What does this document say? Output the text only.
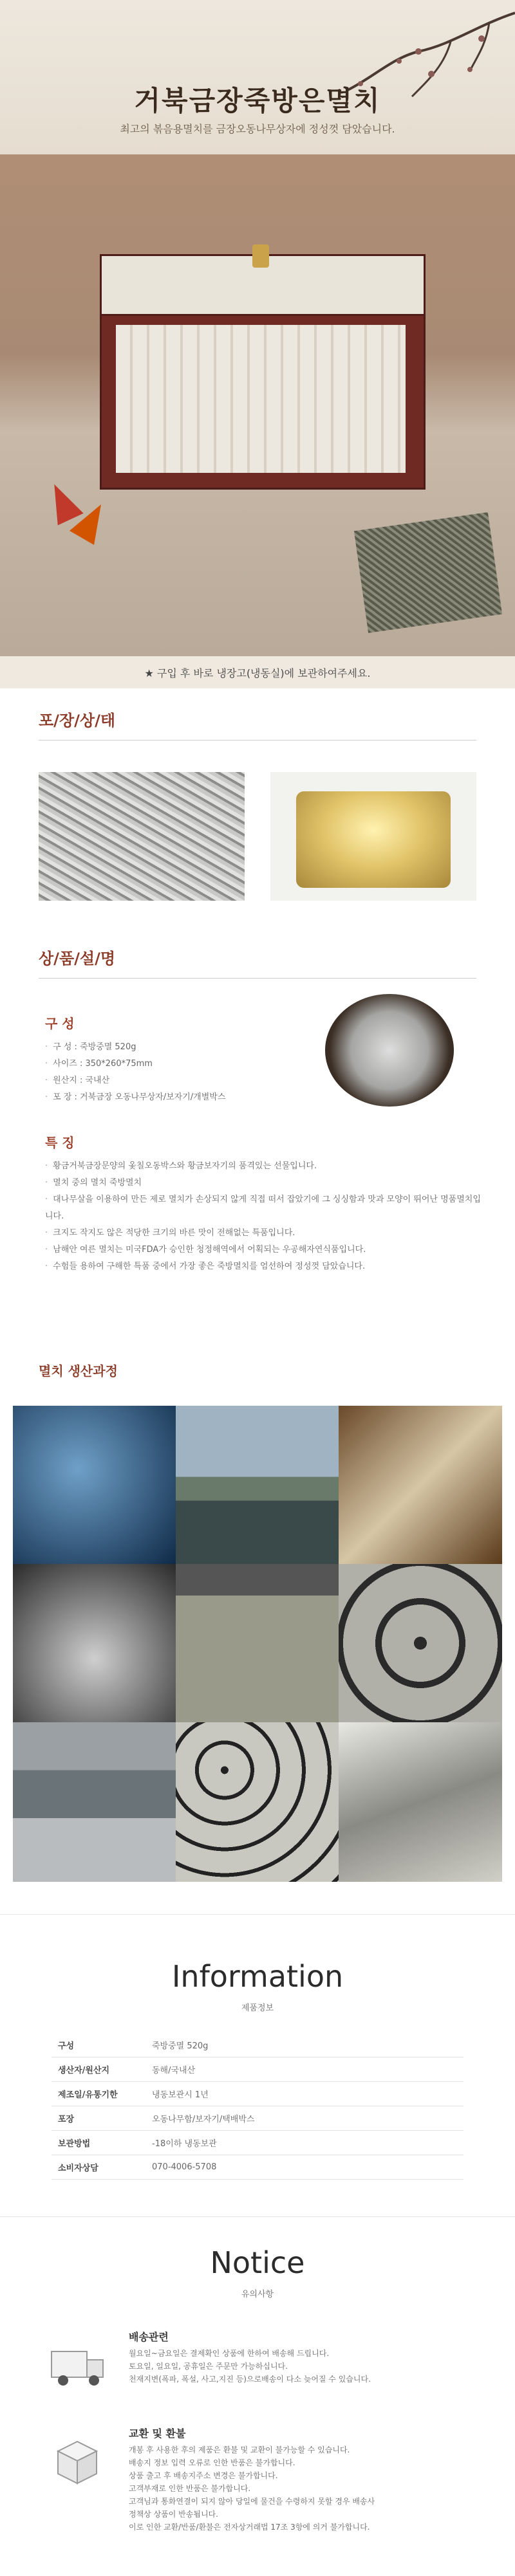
거북금장죽방은멸치
최고의 볶음용멸치를 금장오동나무상자에 정성껏 담았습니다.
★ 구입 후 바로 냉장고(냉동실)에 보관하여주세요.
포/장/상/태
상/품/설/명
구 성
· 구 성 : 죽방중멸 520g
· 사이즈 : 350*260*75mm
· 원산지 : 국내산
· 포 장 : 거북금장 오동나무상자/보자기/개별박스
특 징
· 황금거북금장문양의 옻칠오동박스와 황금보자기의 품격있는 선물입니다.
· 멸치 중의 멸치 죽방멸치
· 대나무살을 이용하여 만든 제로 멸치가 손상되지 않게 직접 떠서 잡았기에 그 싱싱함과 맛과 모양이 뛰어난 명품멸치입니다.
· 크지도 작지도 않은 적당한 크기의 바른 맛이 전해없는 특품입니다.
· 남해안 여른 멸치는 미국FDA가 승인한 청정해역에서 어획되는 우공해자연식품입니다.
· 수험들 용하여 구해한 특품 중에서 가장 좋은 죽방멸치를 엄선하여 정성껏 담았습니다.
멸치 생산과정
Information
제품정보
구성	죽방중멸 520g
생산자/원산지	동해/국내산
제조일/유통기한	냉동보관시 1년
포장	오동나무함/보자기/택배박스
보관방법	-18이하 냉동보관
소비자상담	070-4006-5708
Notice
유의사항
배송관련
월요일~금요일은 결제확인 상품에 한하여 배송해 드립니다.
토요일, 일요일, 공휴일은 주문만 가능하십니다.
천재지변(폭파, 폭설, 사고,지진 등)으로배송이 다소 늦어질 수 있습니다.
교환 및 환불
개봉 후 사용한 후의 제품은 환불 및 교환이 불가능할 수 있습니다.
배송지 정보 입력 오류로 인한 반품은 불가합니다.
상품 출고 후 배송지주소 변경은 불가합니다.
고객부재로 인한 반품은 불가합니다.
고객님과 통화연결이 되지 않아 당일에 물건을 수령하지 못할 경우 배송사
정책상 상품이 반송됩니다.
이로 인한 교환/반품/환불은 전자상거래법 17조 3항에 의거 불가합니다.
